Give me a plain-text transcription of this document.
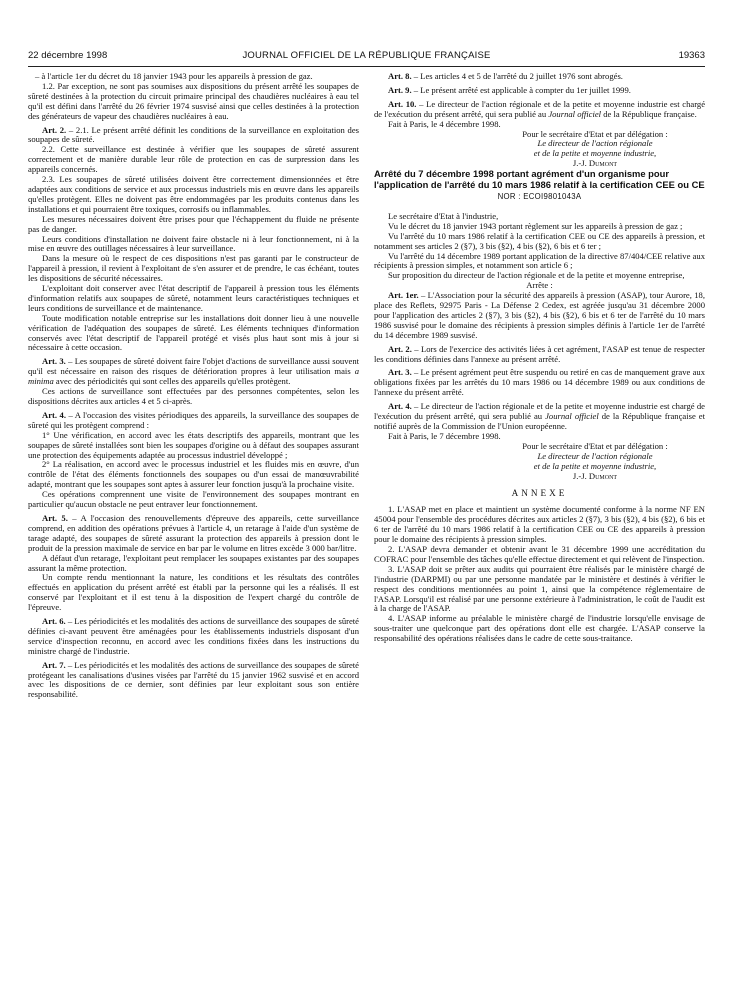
22 décembre 1998	JOURNAL OFFICIEL DE LA RÉPUBLIQUE FRANÇAISE	19363

– à l'article 1er du décret du 18 janvier 1943 pour les appareils à pression de gaz.

1.2. Par exception, ne sont pas soumises aux dispositions du présent arrêté les soupapes de sûreté destinées à la protection du circuit primaire principal des chaudières nucléaires à eau tel qu'il est défini dans l'arrêté du 26 février 1974 susvisé ainsi que celles destinées à la protection des générateurs de vapeur des chaudières nucléaires à eau.

Art. 2. – 2.1. Le présent arrêté définit les conditions de la surveillance en exploitation des soupapes de sûreté.

2.2. Cette surveillance est destinée à vérifier que les soupapes de sûreté assurent correctement et de manière durable leur rôle de protection en cas de surpression dans les appareils concernés.

2.3. Les soupapes de sûreté utilisées doivent être correctement dimensionnées et être adaptées aux conditions de service et aux processus industriels mis en œuvre dans les appareils qu'elles protègent. Elles ne doivent pas être endommagées par les produits contenus dans les installations et qui pourraient être toxiques, corrosifs ou inflammables.

Les mesures nécessaires doivent être prises pour que l'échappement du fluide ne présente pas de danger.

Leurs conditions d'installation ne doivent faire obstacle ni à leur fonctionnement, ni à la mise en œuvre des outillages nécessaires à leur surveillance.

Dans la mesure où le respect de ces dispositions n'est pas garanti par le constructeur de l'appareil à pression, il revient à l'exploitant de s'en assurer et de prendre, le cas échéant, toutes les dispositions de sécurité nécessaires.

L'exploitant doit conserver avec l'état descriptif de l'appareil à pression tous les éléments d'information relatifs aux soupapes de sûreté, notamment leurs caractéristiques techniques et leurs conditions de surveillance et de maintenance.

Toute modification notable entreprise sur les installations doit donner lieu à une nouvelle vérification de l'adéquation des soupapes de sûreté. Les éléments techniques d'information conservés avec l'état descriptif de l'appareil protégé et visés plus haut sont mis à jour si nécessaire à cette occasion.

Art. 3. – Les soupapes de sûreté doivent faire l'objet d'actions de surveillance aussi souvent qu'il est nécessaire en raison des risques de détérioration propres à leur utilisation mais a minima avec des périodicités qui sont celles des appareils qu'elles protègent.

Ces actions de surveillance sont effectuées par des personnes compétentes, selon les dispositions décrites aux articles 4 et 5 ci-après.

Art. 4. – A l'occasion des visites périodiques des appareils, la surveillance des soupapes de sûreté qui les protègent comprend :

1° Une vérification, en accord avec les états descriptifs des appareils, montrant que les soupapes de sûreté installées sont bien les soupapes d'origine ou à défaut des soupapes assurant une protection des équipements adaptée au processus industriel développé ;

2° La réalisation, en accord avec le processus industriel et les fluides mis en œuvre, d'un contrôle de l'état des éléments fonctionnels des soupapes ou d'un essai de manœuvrabilité adapté, montrant que les soupapes sont aptes à assurer leur fonction jusqu'à la prochaine visite.

Ces opérations comprennent une visite de l'environnement des soupapes montrant en particulier qu'aucun obstacle ne peut entraver leur fonctionnement.

Art. 5. – A l'occasion des renouvellements d'épreuve des appareils, cette surveillance comprend, en addition des opérations prévues à l'article 4, un retarage à l'aide d'un système de tarage adapté, des soupapes de sûreté assurant la protection des appareils à pression dont le produit de la pression maximale de service en bar par le volume en litres excède 3 000 bar/litre.

A défaut d'un retarage, l'exploitant peut remplacer les soupapes existantes par des soupapes assurant la même protection.

Un compte rendu mentionnant la nature, les conditions et les résultats des contrôles effectués en application du présent arrêté est établi par la personne qui les a réalisés. Il est conservé par l'exploitant et il est tenu à la disposition de l'expert chargé du contrôle de l'épreuve.

Art. 6. – Les périodicités et les modalités des actions de surveillance des soupapes de sûreté définies ci-avant peuvent être aménagées pour les établissements industriels disposant d'un service d'inspection reconnu, en accord avec les conditions fixées dans les instructions du ministre chargé de l'industrie.

Art. 7. – Les périodicités et les modalités des actions de surveillance des soupapes de sûreté protégeant les canalisations d'usines visées par l'arrêté du 15 janvier 1962 susvisé et en accord avec les dispositions de ce dernier, sont définies par leur exploitant sous son entière responsabilité.

Art. 8. – Les articles 4 et 5 de l'arrêté du 2 juillet 1976 sont abrogés.

Art. 9. – Le présent arrêté est applicable à compter du 1er juillet 1999.

Art. 10. – Le directeur de l'action régionale et de la petite et moyenne industrie est chargé de l'exécution du présent arrêté, qui sera publié au Journal officiel de la République française.

Fait à Paris, le 4 décembre 1998.

Pour le secrétaire d'Etat et par délégation :

Le directeur de l'action régionale

et de la petite et moyenne industrie,

J.-J. Dumont

Arrêté du 7 décembre 1998 portant agrément d'un organisme pour l'application de l'arrêté du 10 mars 1986 relatif à la certification CEE ou CE

NOR : ECOI9801043A

Le secrétaire d'Etat à l'industrie,

Vu le décret du 18 janvier 1943 portant règlement sur les appareils à pression de gaz ;

Vu l'arrêté du 10 mars 1986 relatif à la certification CEE ou CE des appareils à pression, et notamment ses articles 2 (§7), 3 bis (§2), 4 bis (§2), 6 bis et 6 ter ;

Vu l'arrêté du 14 décembre 1989 portant application de la directive 87/404/CEE relative aux récipients à pression simples, et notamment son article 6 ;

Sur proposition du directeur de l'action régionale et de la petite et moyenne entreprise,

Arrête :

Art. 1er. – L'Association pour la sécurité des appareils à pression (ASAP), tour Aurore, 18, place des Reflets, 92975 Paris - La Défense 2 Cedex, est agréée jusqu'au 31 décembre 2000 pour l'application des articles 2 (§7), 3 bis (§2), 4 bis (§2), 6 bis et 6 ter de l'arrêté du 10 mars 1986 susvisé pour le domaine des récipients à pression simples définis à l'article 1er de l'arrêté du 14 décembre 1989 susvisé.

Art. 2. – Lors de l'exercice des activités liées à cet agrément, l'ASAP est tenue de respecter les conditions définies dans l'annexe au présent arrêté.

Art. 3. – Le présent agrément peut être suspendu ou retiré en cas de manquement grave aux obligations fixées par les arrêtés du 10 mars 1986 ou 14 décembre 1989 ou aux conditions de l'annexe du présent arrêté.

Art. 4. – Le directeur de l'action régionale et de la petite et moyenne industrie est chargé de l'exécution du présent arrêté, qui sera publié au Journal officiel de la République française et notifié auprès de la Commission de l'Union européenne.

Fait à Paris, le 7 décembre 1998.

Pour le secrétaire d'Etat et par délégation :

Le directeur de l'action régionale

et de la petite et moyenne industrie,

J.-J. Dumont

ANNEXE

1. L'ASAP met en place et maintient un système documenté conforme à la norme NF EN 45004 pour l'ensemble des procédures décrites aux articles 2 (§7), 3 bis (§2), 4 bis (§2), 6 bis et 6 ter de l'arrêté du 10 mars 1986 relatif à la certification CEE ou CE des appareils à pression pour le domaine des récipients à pression simples.

2. L'ASAP devra demander et obtenir avant le 31 décembre 1999 une accréditation du COFRAC pour l'ensemble des tâches qu'elle effectue directement et qui relèvent de l'inspection.

3. L'ASAP doit se prêter aux audits qui pourraient être réalisés par le ministère chargé de l'industrie (DARPMI) ou par une personne mandatée par le ministère et destinés à vérifier le respect des conditions mentionnées au point 1, ainsi que la compétence réglementaire de l'ASAP. Lorsqu'il est réalisé par une personne extérieure à l'administration, le coût de l'audit est à la charge de l'ASAP.

4. L'ASAP informe au préalable le ministère chargé de l'industrie lorsqu'elle envisage de sous-traiter une quelconque part des opérations dont elle est chargée. L'ASAP conserve la responsabilité des opérations réalisées dans le cadre de cette sous-traitance.
